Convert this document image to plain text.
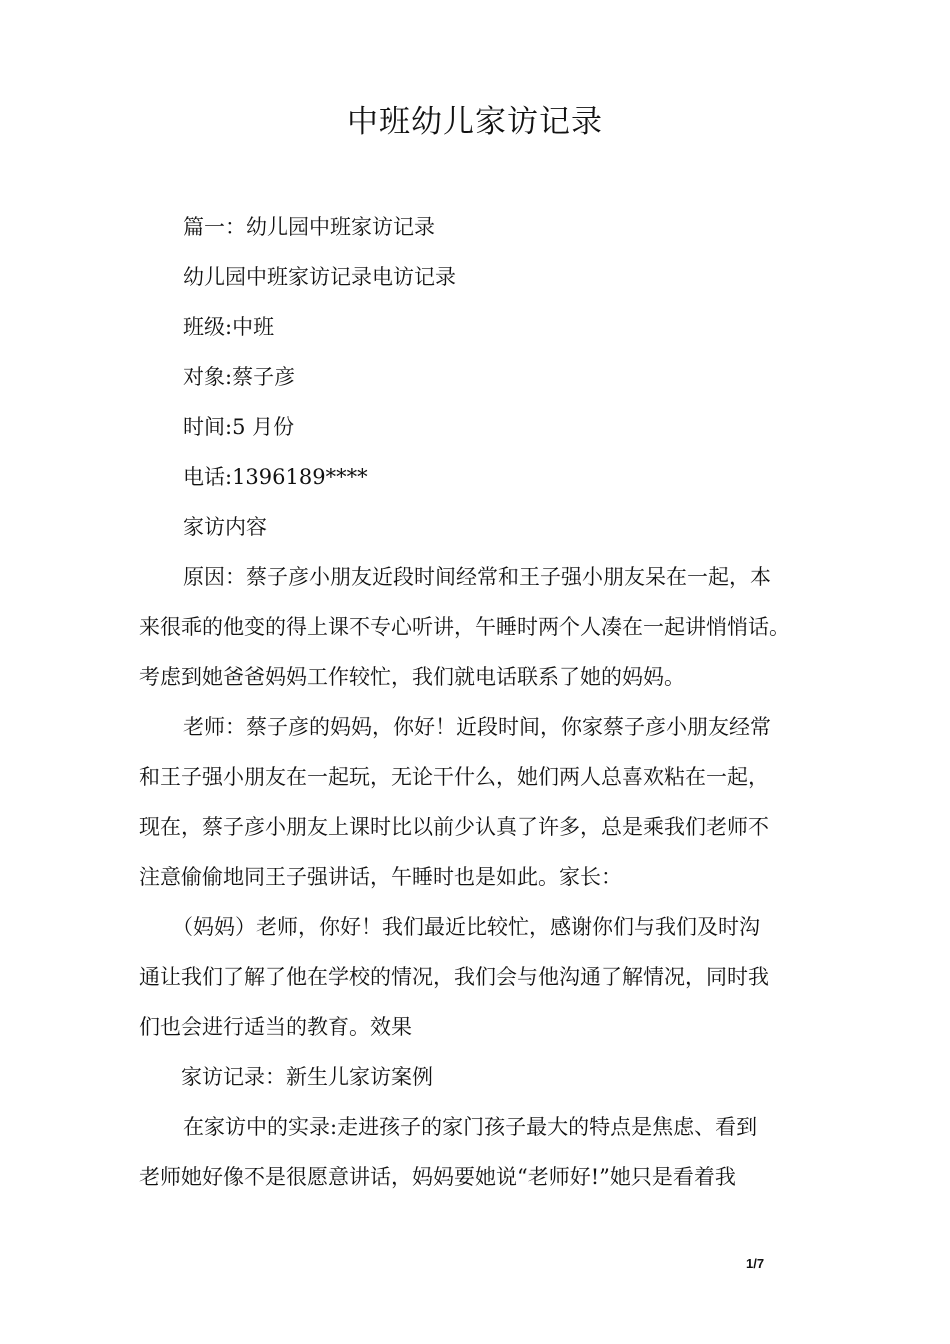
中班幼儿家访记录
篇一：幼儿园中班家访记录
幼儿园中班家访记录电访记录
班级:中班
对象:蔡子彦
时间:5 月份
电话:1396189****
家访内容
原因：蔡子彦小朋友近段时间经常和王子强小朋友呆在一起，本
来很乖的他变的得上课不专心听讲，午睡时两个人凑在一起讲悄悄话。
考虑到她爸爸妈妈工作较忙，我们就电话联系了她的妈妈。
老师：蔡子彦的妈妈，你好！近段时间，你家蔡子彦小朋友经常
和王子强小朋友在一起玩，无论干什么，她们两人总喜欢粘在一起，
现在，蔡子彦小朋友上课时比以前少认真了许多，总是乘我们老师不
注意偷偷地同王子强讲话，午睡时也是如此。家长：
（妈妈）老师，你好！我们最近比较忙，感谢你们与我们及时沟
通让我们了解了他在学校的情况，我们会与他沟通了解情况，同时我
们也会进行适当的教育。效果
家访记录：新生儿家访案例
在家访中的实录:走进孩子的家门孩子最大的特点是焦虑、看到
老师她好像不是很愿意讲话，妈妈要她说“老师好!”她只是看着我
1/7
